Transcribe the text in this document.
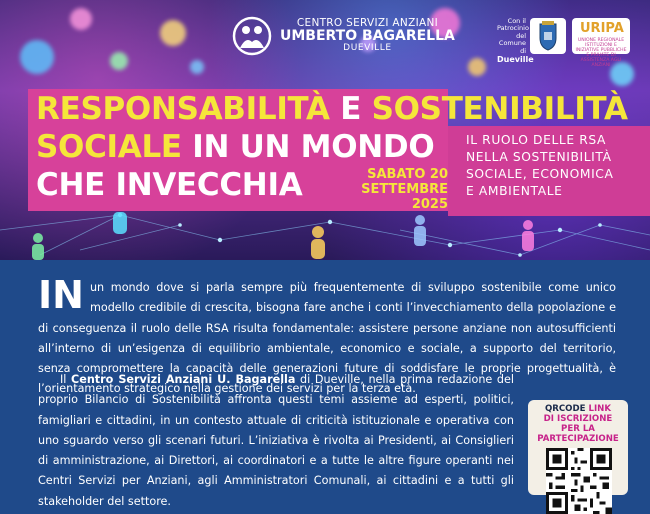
CENTRO SERVIZI ANZIANI
UMBERTO BAGARELLA
DUEVILLE
Con il
Patrocinio del
Comune di
Dueville
URIPA
UNIONE REGIONALE ISTITUZIONI E INIZIATIVE PUBBLICHE E PRIVATE DI ASSISTENZA AGLI ANZIANI
RESPONSABILITÀ E SOSTENIBILITÀ
SOCIALE IN UN MONDO
CHE INVECCHIA	SABATO 20
SETTEMBRE 2025
IL RUOLO DELLE RSA
NELLA SOSTENIBILITÀ
SOCIALE, ECONOMICA
E AMBIENTALE
IN un mondo dove si parla sempre più frequentemente di sviluppo sostenibile come unico modello credibile di crescita, bisogna fare anche i conti l’invecchiamento della popolazione e di conseguenza il ruolo delle RSA risulta fondamentale: assistere persone anziane non autosufficienti all’interno di un’esigenza di equilibrio ambientale, economico e sociale, a supporto del territorio, senza compromettere la capacità delle generazioni future di soddisfare le proprie progettualità, è l’orientamento strategico nella gestione dei servizi per la terza età.
Il Centro Servizi Anziani U. Bagarella di Dueville, nella prima redazione del proprio Bilancio di Sostenibilità affronta questi temi assieme ad esperti, politici, famigliari e cittadini, in un contesto attuale di criticità istituzionale e operativa con uno sguardo verso gli scenari futuri. L’iniziativa è rivolta ai Presidenti, ai Consiglieri di amministrazione, ai Direttori, ai coordinatori e a tutte le altre figure operanti nei Centri Servizi per Anziani, agli Amministratori Comunali, ai cittadini e a tutti gli stakeholder del settore.
QRCODE LINK
DI ISCRIZIONE
PER LA
PARTECIPAZIONE
